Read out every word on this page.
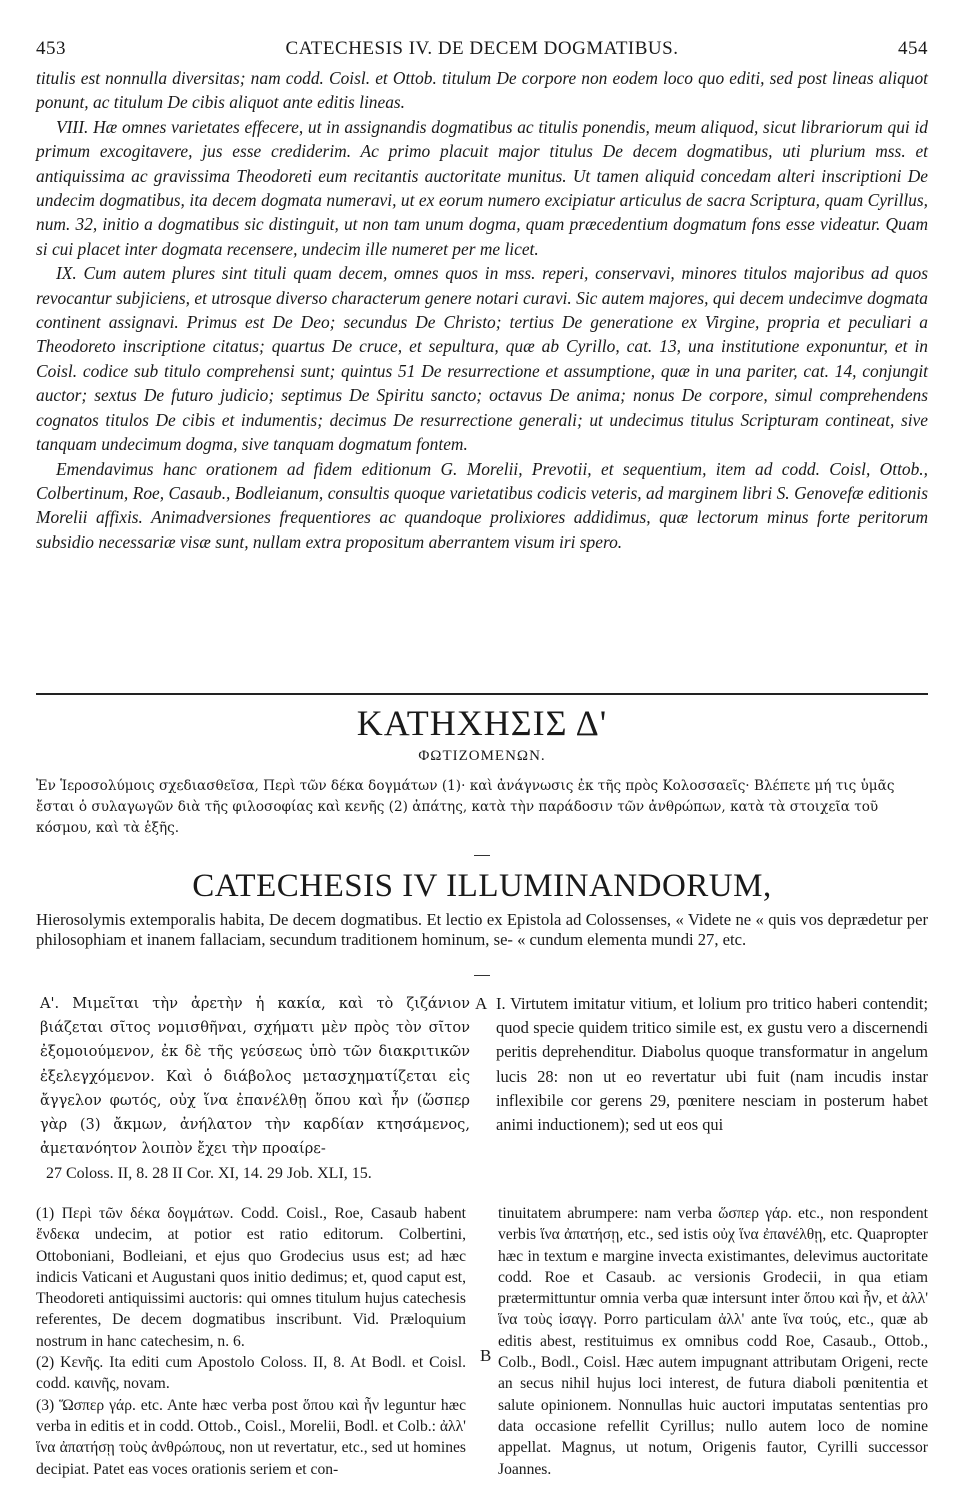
453	CATECHESIS IV. DE DECEM DOGMATIBUS.	454

titulis est nonnulla diversitas; nam codd. Coisl. et Ottob. titulum De corpore non eodem loco quo editi, sed post lineas aliquot ponunt, ac titulum De cibis aliquot ante editis lineas.

VIII. Hæ omnes varietates effecere, ut in assignandis dogmatibus ac titulis ponendis, meum aliquod, sicut librariorum qui id primum excogitavere, jus esse crediderim. Ac primo placuit major titulus De decem dogmatibus, uti plurium mss. et antiquissima ac gravissima Theodoreti eum recitantis auctoritate munitus. Ut tamen aliquid concedam alteri inscriptioni De undecim dogmatibus, ita decem dogmata numeravi, ut ex eorum numero excipiatur articulus de sacra Scriptura, quam Cyrillus, num. 32, initio a dogmatibus sic distinguit, ut non tam unum dogma, quam præcedentium dogmatum fons esse videatur. Quam si cui placet inter dogmata recensere, undecim ille numeret per me licet.

IX. Cum autem plures sint tituli quam decem, omnes quos in mss. reperi, conservavi, minores titulos majoribus ad quos revocantur subjiciens, et utrosque diverso characterum genere notari curavi. Sic autem majores, qui decem undecimve dogmata continent assignavi. Primus est De Deo; secundus De Christo; tertius De generatione ex Virgine, propria et peculiari a Theodoreto inscriptione citatus; quartus De cruce, et sepultura, quæ ab Cyrillo, cat. 13, una institutione exponuntur, et in Coisl. codice sub titulo comprehensi sunt; quintus 51 De resurrectione et assumptione, quæ in una pariter, cat. 14, conjungit auctor; sextus De futuro judicio; septimus De Spiritu sancto; octavus De anima; nonus De corpore, simul comprehendens cognatos titulos De cibis et indumentis; decimus De resurrectione generali; ut undecimus titulus Scripturam contineat, sive tanquam undecimum dogma, sive tanquam dogmatum fontem.

Emendavimus hanc orationem ad fidem editionum G. Morelii, Prevotii, et sequentium, item ad codd. Coisl, Ottob., Colbertinum, Roe, Casaub., Bodleianum, consultis quoque varietatibus codicis veteris, ad marginem libri S. Genovefæ editionis Morelii affixis. Animadversiones frequentiores ac quandoque prolixiores addidimus, quæ lectorum minus forte peritorum subsidio necessariæ visæ sunt, nullam extra propositum aberrantem visum iri spero.

ΚΑΤΗΧΗΣΙΣ Δ'
ΦΩΤΙΖΟΜΕΝΩΝ.
Ἐν Ἱεροσολύμοις σχεδιασθεῖσα, Περὶ τῶν δέκα δογμάτων (1)· καὶ ἀνάγνωσις ἐκ τῆς πρὸς Κολοσσαεῖς· Βλέπετε μή τις ὑμᾶς ἔσται ὁ συλαγωγῶν διὰ τῆς φιλοσοφίας καὶ κενῆς (2) ἀπάτης, κατὰ τὴν παράδοσιν τῶν ἀνθρώπων, κατὰ τὰ στοιχεῖα τοῦ κόσμου, καὶ τὰ ἑξῆς.
CATECHESIS IV ILLUMINANDORUM,
Hierosolymis extemporalis habita, De decem dogmatibus. Et lectio ex Epistola ad Colossenses, « Videte ne « quis vos deprædetur per philosophiam et inanem fallaciam, secundum traditionem hominum, se- « cundum elementa mundi 27, etc.
Α'. Μιμεῖται τὴν ἀρετὴν ἡ κακία, καὶ τὸ ζιζάνιον βιάζεται σῖτος νομισθῆναι, σχήματι μὲν πρὸς τὸν σῖτον ἐξομοιούμενον, ἐκ δὲ τῆς γεύσεως ὑπὸ τῶν διακριτικῶν ἐξελεγχόμενον. Καὶ ὁ διάβολος μετασχηματίζεται εἰς ἄγγελον φωτός, οὐχ ἵνα ἐπανέλθῃ ὅπου καὶ ἦν (ὥσπερ γὰρ (3) ἄκμων, ἀνήλατον τὴν καρδίαν κτησάμενος, ἀμετανόητον λοιπὸν ἔχει τὴν προαίρε-
A I. Virtutem imitatur vitium, et lolium pro tritico haberi contendit; quod specie quidem tritico simile est, ex gustu vero a discernendi peritis deprehenditur. Diabolus quoque transformatur in angelum lucis 28: non ut eo revertatur ubi fuit (nam incudis instar inflexibile cor gerens 29, pœnitere nesciam in posterum habet animi inductionem); sed ut eos qui
27 Coloss. II, 8. 28 II Cor. XI, 14. 29 Job. XLI, 15.

(1) Περὶ τῶν δέκα δογμάτων. Codd. Coisl., Roe, Casaub habent ἕνδεκα undecim, at potior est ratio editorum. Colbertini, Ottoboniani, Bodleiani, et ejus quo Grodecius usus est; ad hæc indicis Vaticani et Augustani quos initio dedimus; et, quod caput est, Theodoreti antiquissimi auctoris: qui omnes titulum hujus catechesis referentes, De decem dogmatibus inscribunt. Vid. Præloquium nostrum in hanc catechesim, n. 6.

(2) Κενῆς. Ita editi cum Apostolo Coloss. II, 8. At Bodl. et Coisl. codd. καινῆς, novam.

(3) Ὥσπερ γάρ. etc. Ante hæc verba post ὅπου καὶ ἦν leguntur hæc verba in editis et in codd. Ottob., Coisl., Morelii, Bodl. et Colb.: ἀλλ' ἵνα ἀπατήσῃ τοὺς ἀνθρώπους, non ut revertatur, etc., sed ut homines decipiat. Patet eas voces orationis seriem et con-

B
tinuitatem abrumpere: nam verba ὥσπερ γάρ. etc., non respondent verbis ἵνα ἀπατήσῃ, etc., sed istis οὐχ ἵνα ἐπανέλθῃ, etc. Quapropter hæc in textum e margine invecta existimantes, delevimus auctoritate codd. Roe et Casaub. ac versionis Grodecii, in qua etiam prætermittuntur omnia verba quæ intersunt inter ὅπου καὶ ἦν, et ἀλλ' ἵνα τοὺς ἰσαγγ. Porro particulam ἀλλ' ante ἵνα τούς, etc., quæ ab editis abest, restituimus ex omnibus codd Roe, Casaub., Ottob., Colb., Bodl., Coisl. Hæc autem impugnant attributam Origeni, recte an secus nihil hujus loci interest, de futura diaboli pœnitentia et salute opinionem. Nonnullas huic auctori imputatas sententias pro data occasione refellit Cyrillus; nullo autem loco de nomine appellat. Magnus, ut notum, Origenis fautor, Cyrilli successor Joannes.
